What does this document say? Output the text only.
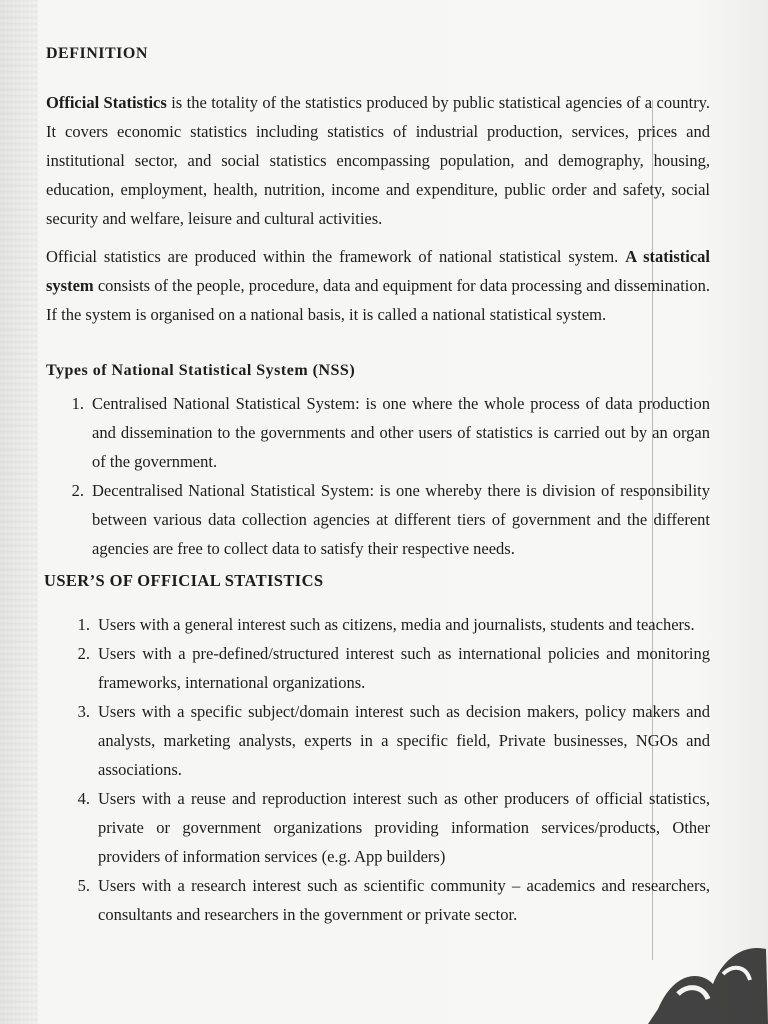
DEFINITION

Official Statistics is the totality of the statistics produced by public statistical agencies of a country. It covers economic statistics including statistics of industrial production, services, prices and institutional sector, and social statistics encompassing population, and demography, housing, education, employment, health, nutrition, income and expenditure, public order and safety, social security and welfare, leisure and cultural activities.

Official statistics are produced within the framework of national statistical system. A statistical system consists of the people, procedure, data and equipment for data processing and dissemination. If the system is organised on a national basis, it is called a national statistical system.

Types of National Statistical System (NSS)
1. Centralised National Statistical System: is one where the whole process of data production and dissemination to the governments and other users of statistics is carried out by an organ of the government.
2. Decentralised National Statistical System: is one whereby there is division of responsibility between various data collection agencies at different tiers of government and the different agencies are free to collect data to satisfy their respective needs.
USER’S OF OFFICIAL STATISTICS
1. Users with a general interest such as citizens, media and journalists, students and teachers.
2. Users with a pre-defined/structured interest such as international policies and monitoring frameworks, international organizations.
3. Users with a specific subject/domain interest such as decision makers, policy makers and analysts, marketing analysts, experts in a specific field, Private businesses, NGOs and associations.
4. Users with a reuse and reproduction interest such as other producers of official statistics, private or government organizations providing information services/products, Other providers of information services (e.g. App builders)
5. Users with a research interest such as scientific community – academics and researchers, consultants and researchers in the government or private sector.
